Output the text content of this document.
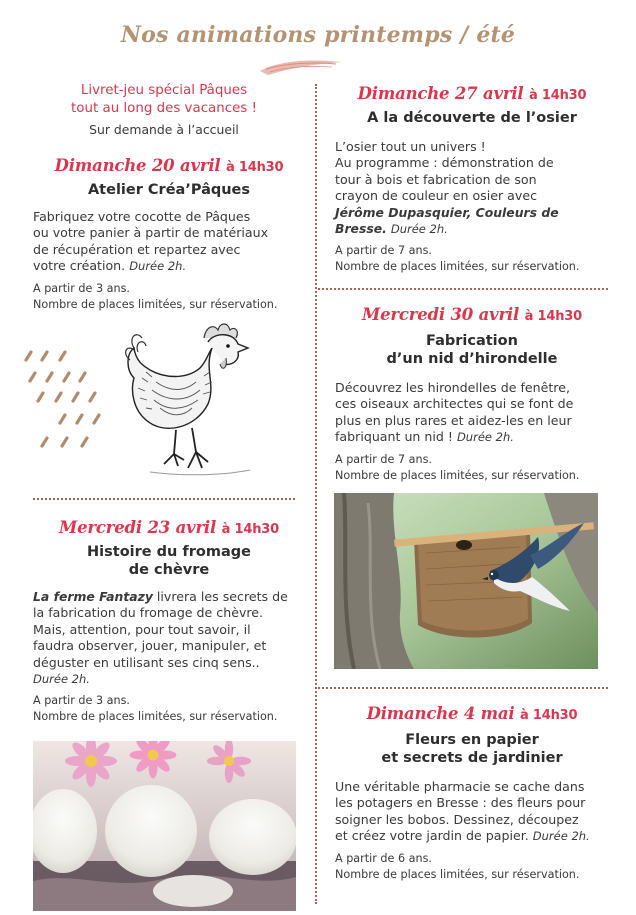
Nos animations printemps / été
Livret-jeu spécial Pâques
tout au long des vacances !
Sur demande à l’accueil
Dimanche 20 avril à 14h30
Atelier Créa’Pâques
Fabriquez votre cocotte de Pâques
ou votre panier à partir de matériaux
de récupération et repartez avec
votre création. Durée 2h.
A partir de 3 ans.
Nombre de places limitées, sur réservation.
Mercredi 23 avril à 14h30
Histoire du fromage
de chèvre
La ferme Fantazy livrera les secrets de
la fabrication du fromage de chèvre.
Mais, attention, pour tout savoir, il
faudra observer, jouer, manipuler, et
déguster en utilisant ses cinq sens..
Durée 2h.
A partir de 3 ans.
Nombre de places limitées, sur réservation.
Dimanche 27 avril à 14h30
A la découverte de l’osier
L’osier tout un univers !
Au programme : démonstration de
tour à bois et fabrication de son
crayon de couleur en osier avec
Jérôme Dupasquier, Couleurs de
Bresse. Durée 2h.
A partir de 7 ans.
Nombre de places limitées, sur réservation.
Mercredi 30 avril à 14h30
Fabrication
d’un nid d’hirondelle
Découvrez les hirondelles de fenêtre,
ces oiseaux architectes qui se font de
plus en plus rares et aidez-les en leur
fabriquant un nid ! Durée 2h.
A partir de 7 ans.
Nombre de places limitées, sur réservation.
Dimanche 4 mai à 14h30
Fleurs en papier
et secrets de jardinier
Une véritable pharmacie se cache dans
les potagers en Bresse : des fleurs pour
soigner les bobos. Dessinez, découpez
et créez votre jardin de papier. Durée 2h.
A partir de 6 ans.
Nombre de places limitées, sur réservation.
